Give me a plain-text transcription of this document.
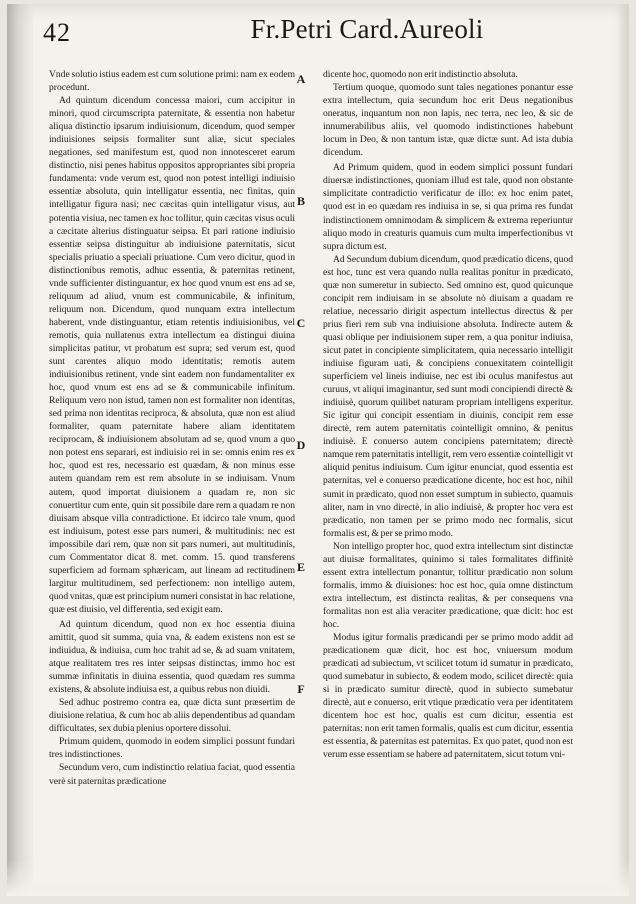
42	Fr.Petri Card.Aureoli

Vnde solutio istius eadem est cum solutione primi: nam ex eodem procedunt.

Ad quintum dicendum concessa maiori, cum accipitur in minori, quod circumscripta paternitate, & essentia non habetur aliqua distinctio ipsarum indiuisionum, dicendum, quod semper indiuisiones seipsis formaliter sunt aliæ, sicut speciales negationes, sed manifestum est, quod non innotesceret earum distinctio, nisi penes habitus oppositos appropriantes sibi propria fundamenta: vnde verum est, quod non potest intelligi indiuisio essentiæ absoluta, quin intelligatur essentia, nec finitas, quin intelligatur figura nasi; nec cæcitas quin intelligatur visus, aut potentia visiua, nec tamen ex hoc tollitur, quin cæcitas visus oculi a cæcitate alterius distinguatur seipsa. Et pari ratione indiuisio essentiæ seipsa distinguitur ab indiuisione paternitatis, sicut specialis priuatio a speciali priuatione. Cum vero dicitur, quod in distinctionibus remotis, adhuc essentia, & paternitas retinent, vnde sufficienter distinguantur, ex hoc quod vnum est ens ad se, reliquum ad aliud, vnum est communicabile, & infinitum, reliquum non. Dicendum, quod nunquam extra intellectum haberent, vnde distinguantur, etiam retentis indiuisionibus, vel remotis, quia nullatenus extra intellectum ea distingui diuina simplicitas patitur, vt probatum est supra; sed verum est, quod sunt carentes aliquo modo identitatis; remotis autem indiuisionibus retinent, vnde sint eadem non fundamentaliter ex hoc, quod vnum est ens ad se & communicabile infinitum. Reliquum vero non istud, tamen non est formaliter non identitas, sed prima non identitas reciproca, & absoluta, quæ non est aliud formaliter, quam paternitate habere aliam identitatem reciprocam, & indiuisionem absolutam ad se, quod vnum a quo non potest ens separari, est indiuisio rei in se: omnis enim res ex hoc, quod est res, necessario est quædam, & non minus esse autem quandam rem est rem absolute in se indiuisam. Vnum autem, quod importat diuisionem a quadam re, non sic conuertitur cum ente, quin sit possibile dare rem a quadam re non diuisam absque villa contradictione. Et idcirco tale vnum, quod est indiuisum, potest esse pars numeri, & multitudinis: nec est impossibile dari rem, quæ non sit pars numeri, aut multitudinis, cum Commentator dicat 8. met. comm. 15. quod transferens superficiem ad formam sphæricam, aut lineam ad rectitudinem largitur multitudinem, sed perfectionem: non intelligo autem, quod vnitas, quæ est principium numeri consistat in hac relatione, quæ est diuisio, vel differentia, sed exigit eam.

Ad quintum dicendum, quod non ex hoc essentia diuina amittit, quod sit summa, quia vna, & eadem existens non est se indiuidua, & indiuisa, cum hoc trahit ad se, & ad suam vnitatem, atque realitatem tres res inter seipsas distinctas, immo hoc est summæ infinitatis in diuina essentia, quod quædam res summa existens, & absolute indiuisa est, a quibus rebus non diuidi.

Sed adhuc postremo contra ea, quæ dicta sunt præsertim de diuisione relatiua, & cum hoc ab aliis dependentibus ad quandam difficultates, sex dubia plenius oportere dissolui.

Primum quidem, quomodo in eodem simplici possunt fundari tres indistinctiones.

Secundum vero, cum indistinctio relatiua faciat, quod essentia verè sit paternitas prædicatione

A
B
C
D
E
F

dicente hoc, quomodo non erit indistinctio absoluta.

Tertium quoque, quomodo sunt tales negationes ponantur esse extra intellectum, quia secundum hoc erit Deus negationibus oneratus, inquantum non non lapis, nec terra, nec leo, & sic de innumerabilibus aliis, vel quomodo indistinctiones habebunt locum in Deo, & non tantum istæ, quæ dictæ sunt. Ad ista dubia dicendum.

Ad Primum quidem, quod in eodem simplici possunt fundari diuersæ indistinctiones, quoniam illud est tale, quod non obstante simplicitate contradictio verificatur de illo: ex hoc enim patet, quod est in eo quædam res indiuisa in se, si qua prima res fundat indistinctionem omnimodam & simplicem & extrema reperiuntur aliquo modo in creaturis quamuis cum multa imperfectionibus vt supra dictum est.

Ad Secundum dubium dicendum, quod prædicatio dicens, quod est hoc, tunc est vera quando nulla realitas ponitur in prædicato, quæ non sumeretur in subiecto. Sed omnino est, quod quicunque concipit rem indiuisam in se absolute nò diuisam a quadam re relatiue, necessario dirigit aspectum intellectus directus & per prius fieri rem sub vna indiuisione absoluta. Indirecte autem & quasi oblique per indiuisionem super rem, a qua ponitur indiuisa, sicut patet in concipiente simplicitatem, quia necessario intelligit indiuise figuram uati, & concipiens conuexitatem cointelligit superficiem vel lineis indiuise, nec est ibi oculus manifestus aut curuus, vt aliqui imaginantur, sed sunt modi concipiendi directè & indiuisè, quorum quilibet naturam propriam intelligens experitur. Sic igitur qui concipit essentiam in diuinis, concipit rem esse directè, rem autem paternitatis cointelligit omnino, & penitus indiuisè. E conuerso autem concipiens paternitatem; directè namque rem paternitatis intelligit, rem vero essentiæ cointelligit vt aliquid penitus indiuisum. Cum igitur enunciat, quod essentia est paternitas, vel e conuerso prædicatione dicente, hoc est hoc, nihil sumit in prædicato, quod non esset sumptum in subiecto, quamuis aliter, nam in vno directè, in alio indiuisè, & propter hoc vera est prædicatio, non tamen per se primo modo nec formalis, sicut formalis est, & per se primo modo.

Non intelligo propter hoc, quod extra intellectum sint distinctæ aut diuisæ formalitates, quinimo si tales formalitates diffinitè essent extra intellectum ponantur, tollitur prædicatio non solum formalis, immo & diuisiones: hoc est hoc, quia omne distinctum extra intellectum, est distincta realitas, & per consequens vna formalitas non est alia veraciter prædicatione, quæ dicit: hoc est hoc.

Modus igitur formalis prædicandi per se primo modo addit ad prædicationem quæ dicit, hoc est hoc, vniuersum modum prædicati ad subiectum, vt scilicet totum id sumatur in prædicato, quod sumebatur in subiecto, & eodem modo, scilicet directè: quia si in prædicato sumitur directè, quod in subiecto sumebatur directè, aut e conuerso, erit vtique prædicatio vera per identitatem dicentem hoc est hoc, qualis est cum dicitur, essentia est paternitas: non erit tamen formalis, qualis est cum dicitur, essentia est essentia, & paternitas est paternitas. Ex quo patet, quod non est verum esse essentiam se habere ad paternitatem, sicut totum vni-
